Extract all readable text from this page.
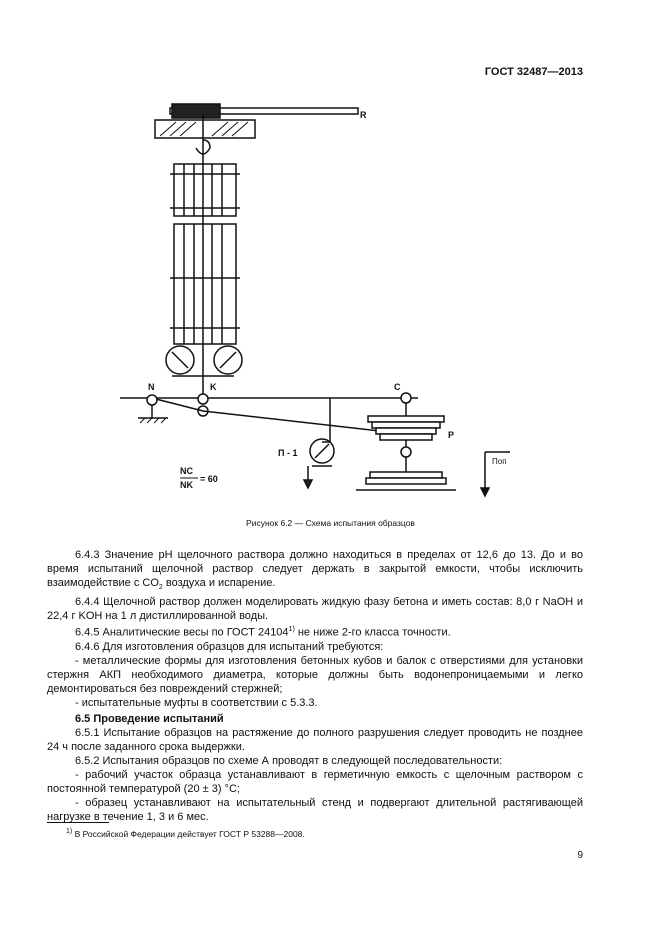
ГОСТ 32487—2013
R
N	K	C
P
П - 1
Поп
NC
NK
= 60
Рисунок 6.2 — Схема испытания образцов

6.4.3 Значение pH щелочного раствора должно находиться в пределах от 12,6 до 13. До и во время испытаний щелочной раствор следует держать в закрытой емкости, чтобы исключить взаимодействие с $CO_2$ воздуха и испарение.

6.4.4 Щелочной раствор должен моделировать жидкую фазу бетона и иметь состав: 8,0 г NaOH и 22,4 г KOH на 1 л дистиллированной воды.

6.4.5 Аналитические весы по ГОСТ 24104$^{1)}$ не ниже 2-го класса точности.

6.4.6 Для изготовления образцов для испытаний требуются:

- металлические формы для изготовления бетонных кубов и балок с отверстиями для установки стержня АКП необходимого диаметра, которые должны быть водонепроницаемыми и легко демонтироваться без повреждений стержней;

- испытательные муфты в соответствии с 5.3.3.

6.5 Проведение испытаний

6.5.1 Испытание образцов на растяжение до полного разрушения следует проводить не позднее 24 ч после заданного срока выдержки.

6.5.2 Испытания образцов по схеме А проводят в следующей последовательности:

- рабочий участок образца устанавливают в герметичную емкость с щелочным раствором с постоянной температурой (20 ± 3) °С;

- образец устанавливают на испытательный стенд и подвергают длительной растягивающей нагрузке в течение 1, 3 и 6 мес.

$^{1)}$ В Российской Федерации действует ГОСТ Р 53288—2008.
9
